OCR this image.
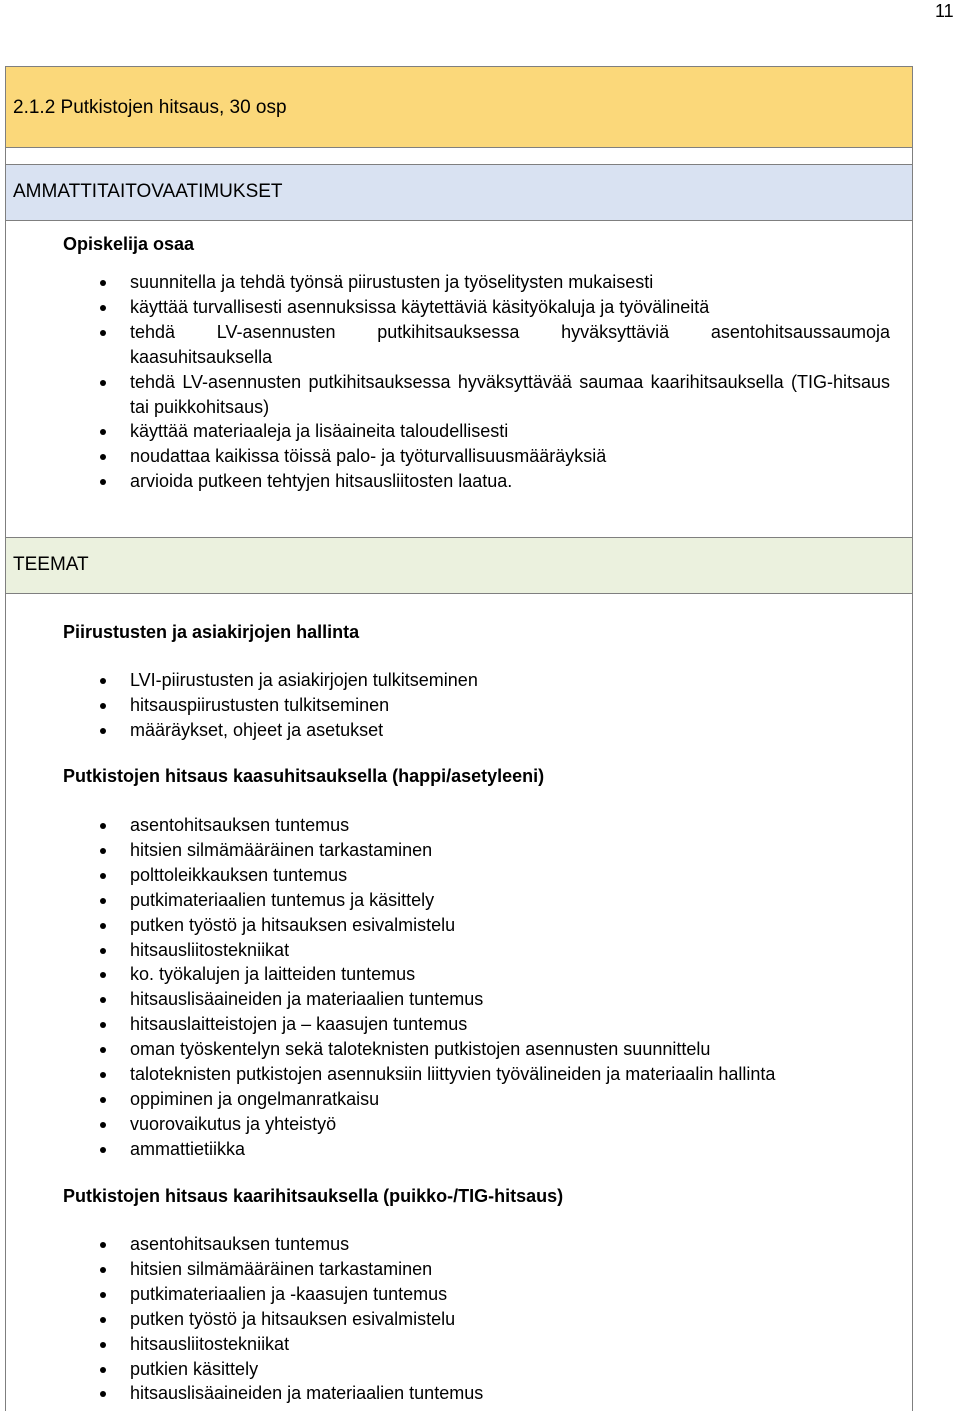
11
2.1.2 Putkistojen hitsaus, 30 osp
AMMATTITAITOVAATIMUKSET
Opiskelija osaa
suunnitella ja tehdä työnsä piirustusten ja työselitysten mukaisesti
käyttää turvallisesti asennuksissa käytettäviä käsityökaluja ja työvälineitä
tehdä LV-asennusten putkihitsauksessa hyväksyttäviä asentohitsaussaumoja kaasuhitsauksella
tehdä LV-asennusten putkihitsauksessa hyväksyttävää saumaa kaarihitsauksella (TIG-hitsaus tai puikkohitsaus)
käyttää materiaaleja ja lisäaineita taloudellisesti
noudattaa kaikissa töissä palo- ja työturvallisuusmääräyksiä
arvioida putkeen tehtyjen hitsausliitosten laatua.
TEEMAT
Piirustusten ja asiakirjojen hallinta
LVI-piirustusten ja asiakirjojen tulkitseminen
hitsauspiirustusten tulkitseminen
määräykset, ohjeet ja asetukset
Putkistojen hitsaus kaasuhitsauksella (happi/asetyleeni)
asentohitsauksen tuntemus
hitsien silmämääräinen tarkastaminen
polttoleikkauksen tuntemus
putkimateriaalien tuntemus ja käsittely
putken työstö ja hitsauksen esivalmistelu
hitsausliitostekniikat
ko. työkalujen ja laitteiden tuntemus
hitsauslisäaineiden ja materiaalien tuntemus
hitsauslaitteistojen ja – kaasujen tuntemus
oman työskentelyn sekä taloteknisten putkistojen asennusten suunnittelu
taloteknisten putkistojen asennuksiin liittyvien työvälineiden ja materiaalin hallinta
oppiminen ja ongelmanratkaisu
vuorovaikutus ja yhteistyö
ammattietiikka
Putkistojen hitsaus kaarihitsauksella (puikko-/TIG-hitsaus)
asentohitsauksen tuntemus
hitsien silmämääräinen tarkastaminen
putkimateriaalien ja -kaasujen tuntemus
putken työstö ja hitsauksen esivalmistelu
hitsausliitostekniikat
putkien käsittely
hitsauslisäaineiden ja materiaalien tuntemus
